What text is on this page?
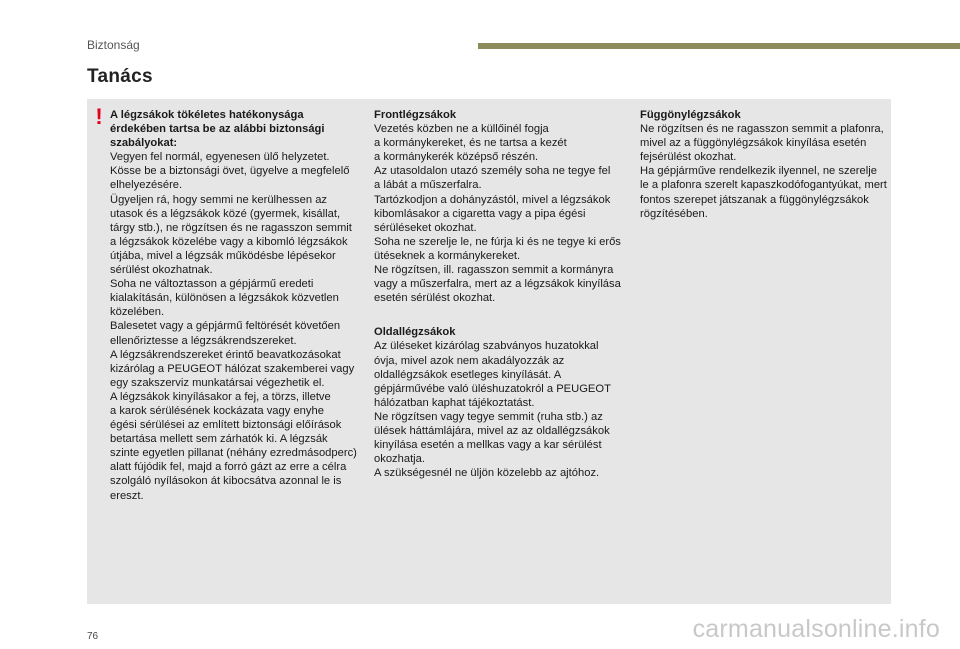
Biztonság
Tanács
! A légzsákok tökéletes hatékonysága
érdekében tartsa be az alábbi biztonsági
szabályokat:
Vegyen fel normál, egyenesen ülő helyzetet.
Kösse be a biztonsági övet, ügyelve a megfelelő
elhelyezésére.
Ügyeljen rá, hogy semmi ne kerülhessen az
utasok és a légzsákok közé (gyermek, kisállat,
tárgy stb.), ne rögzítsen és ne ragasszon semmit
a légzsákok közelébe vagy a kibomló légzsákok
útjába, mivel a légzsák működésbe lépésekor
sérülést okozhatnak.
Soha ne változtasson a gépjármű eredeti
kialakításán, különösen a légzsákok közvetlen
közelében.
Balesetet vagy a gépjármű feltörését követően
ellenőriztesse a légzsákrendszereket.
A légzsákrendszereket érintő beavatkozásokat
kizárólag a PEUGEOT hálózat szakemberei vagy
egy szakszerviz munkatársai végezhetik el.
A légzsákok kinyílásakor a fej, a törzs, illetve
a karok sérülésének kockázata vagy enyhe
égési sérülései az említett biztonsági előírások
betartása mellett sem zárhatók ki. A légzsák
szinte egyetlen pillanat (néhány ezredmásodperc)
alatt fújódik fel, majd a forró gázt az erre a célra
szolgáló nyílásokon át kibocsátva azonnal le is
ereszt.
Frontlégzsákok
Vezetés közben ne a küllőinél fogja
a kormánykereket, és ne tartsa a kezét
a kormánykerék középső részén.
Az utasoldalon utazó személy soha ne tegye fel
a lábát a műszerfalra.
Tartózkodjon a dohányzástól, mivel a légzsákok
kibomlásakor a cigaretta vagy a pipa égési
sérüléseket okozhat.
Soha ne szerelje le, ne fúrja ki és ne tegye ki erős
ütéseknek a kormánykereket.
Ne rögzítsen, ill. ragasszon semmit a kormányra
vagy a műszerfalra, mert az a légzsákok kinyílása
esetén sérülést okozhat.
Oldallégzsákok
Az üléseket kizárólag szabványos huzatokkal
óvja, mivel azok nem akadályozzák az
oldallégzsákok esetleges kinyílását. A
gépjárművébe való üléshuzatokról a PEUGEOT
hálózatban kaphat tájékoztatást.
Ne rögzítsen vagy tegye semmit (ruha stb.) az
ülések háttámlájára, mivel az az oldallégzsákok
kinyílása esetén a mellkas vagy a kar sérülést
okozhatja.
A szükségesnél ne üljön közelebb az ajtóhoz.
Függönylégzsákok
Ne rögzítsen és ne ragasszon semmit a plafonra,
mivel az a függönylégzsákok kinyílása esetén
fejsérülést okozhat.
Ha gépjárműve rendelkezik ilyennel, ne szerelje
le a plafonra szerelt kapaszkodófogantyúkat, mert
fontos szerepet játszanak a függönylégzsákok
rögzítésében.
76	carmanualsonline.info
